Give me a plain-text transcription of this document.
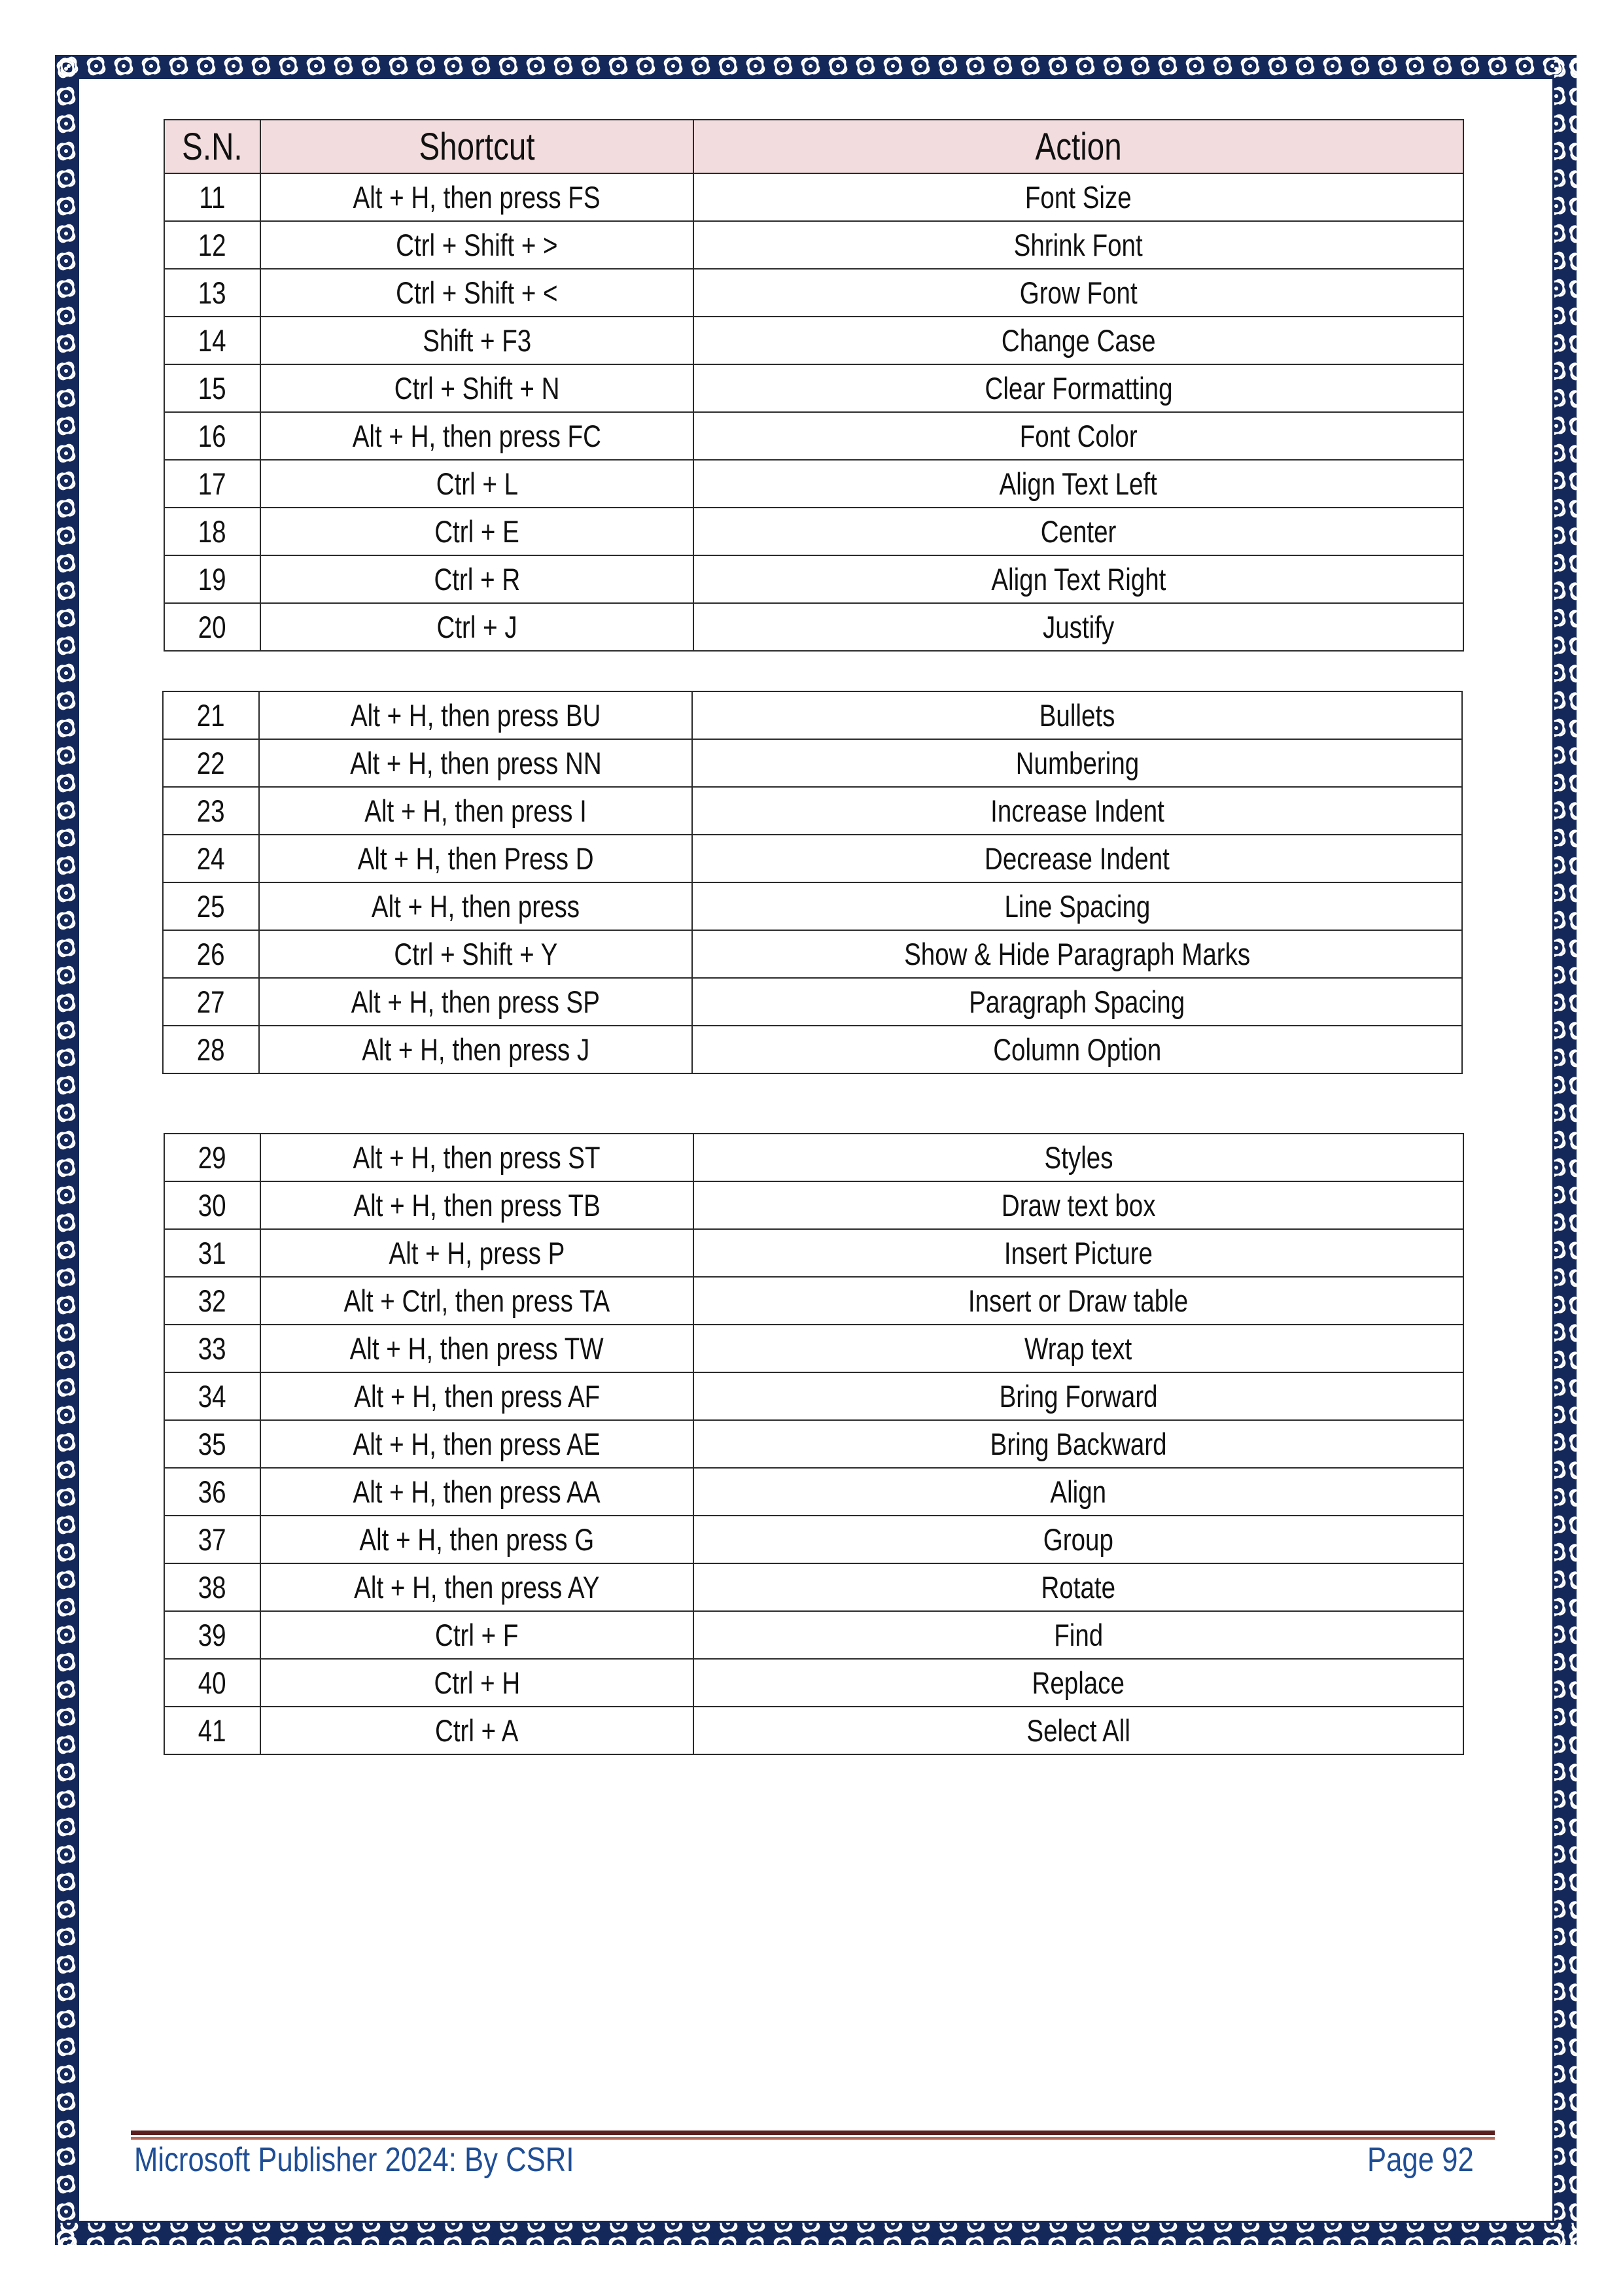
S.N.	Shortcut	Action
11	Alt + H, then press FS	Font Size
12	Ctrl + Shift + >	Shrink Font
13	Ctrl + Shift + <	Grow Font
14	Shift + F3	Change Case
15	Ctrl + Shift + N	Clear Formatting
16	Alt + H, then press FC	Font Color
17	Ctrl + L	Align Text Left
18	Ctrl + E	Center
19	Ctrl + R	Align Text Right
20	Ctrl + J	Justify
21	Alt + H, then press BU	Bullets
22	Alt + H, then press NN	Numbering
23	Alt + H, then press I	Increase Indent
24	Alt + H, then Press D	Decrease Indent
25	Alt + H, then press	Line Spacing
26	Ctrl + Shift + Y	Show & Hide Paragraph Marks
27	Alt + H, then press SP	Paragraph Spacing
28	Alt + H, then press J	Column Option
29	Alt + H, then press ST	Styles
30	Alt + H, then press TB	Draw text box
31	Alt + H, press P	Insert Picture
32	Alt + Ctrl, then press TA	Insert or Draw table
33	Alt + H, then press TW	Wrap text
34	Alt + H, then press AF	Bring Forward
35	Alt + H, then press AE	Bring Backward
36	Alt + H, then press AA	Align
37	Alt + H, then press G	Group
38	Alt + H, then press AY	Rotate
39	Ctrl + F	Find
40	Ctrl + H	Replace
41	Ctrl + A	Select All
Microsoft Publisher 2024: By CSRI	Page 92
